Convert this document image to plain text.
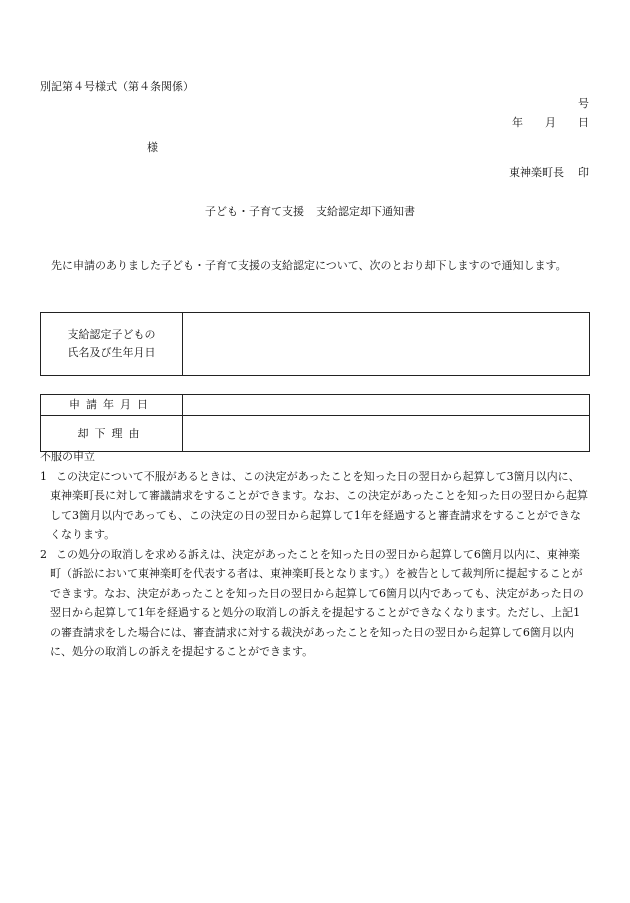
別記第４号様式（第４条関係）
号
年 月 日
様
東神楽町長 印
子ども・子育て支援 支給認定却下通知書
　先に申請のありました子ども・子育て支援の支給認定について、次のとおり却下しますので通知します。
支給認定子どもの
氏名及び生年月日

申請年月日	
却下理由	
不服の申立
1 この決定について不服があるときは、この決定があったことを知った日の翌日から起算して3箇月以内に、東神楽町長に対して審議請求をすることができます。なお、この決定があったことを知った日の翌日から起算して3箇月以内であっても、この決定の日の翌日から起算して1年を経過すると審査請求をすることができなくなります。
2 この処分の取消しを求める訴えは、決定があったことを知った日の翌日から起算して6箇月以内に、東神楽町（訴訟において東神楽町を代表する者は、東神楽町長となります。）を被告として裁判所に提起することができます。なお、決定があったことを知った日の翌日から起算して6箇月以内であっても、決定があった日の翌日から起算して1年を経過すると処分の取消しの訴えを提起することができなくなります。ただし、上記1の審査請求をした場合には、審査請求に対する裁決があったことを知った日の翌日から起算して6箇月以内に、処分の取消しの訴えを提起することができます。
